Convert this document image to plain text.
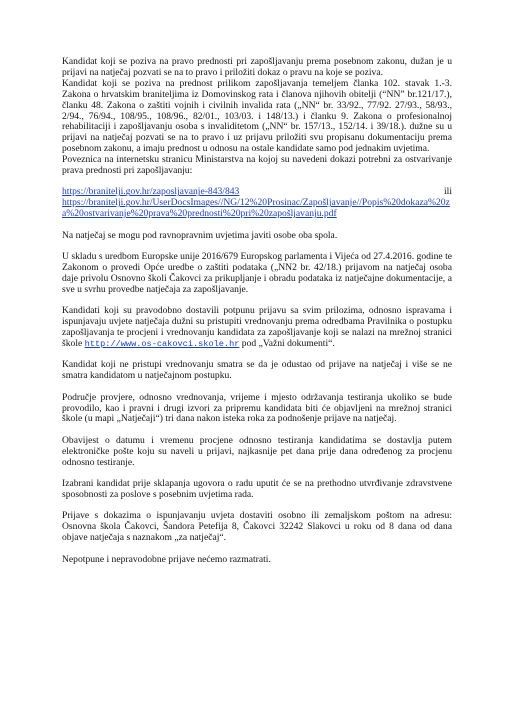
Kandidat koji se poziva na pravo prednosti pri zapošljavanju prema posebnom zakonu, dužan je u prijavi na natječaj pozvati se na to pravo i priložiti dokaz o pravu na koje se poziva.

Kandidat koji se poziva na prednost prilikom zapošljavanja temeljem članka 102. stavak 1.-3. Zakona o hrvatskim braniteljima iz Domovinskog rata i članova njihovih obitelji (“NN” br.121/17.), članku 48. Zakona o zaštiti vojnih i civilnih invalida rata („NN“ br. 33/92., 77/92. 27/93., 58/93., 2/94., 76/94., 108/95., 108/96., 82/01., 103/03. i 148/13.) i članku 9. Zakona o profesionalnoj rehabilitaciji i zapošljavanju osoba s invaliditetom („NN“ br. 157/13., 152/14. i 39/18.). dužne su u prijavi na natječaj pozvati se na to pravo i uz prijavu priložiti svu propisanu dokumentaciju prema posebnom zakonu, a imaju prednost u odnosu na ostale kandidate samo pod jednakim uvjetima.

Poveznica na internetsku stranicu Ministarstva na kojoj su navedeni dokazi potrebni za ostvarivanje prava prednosti pri zapošljavanju:

https://branitelji.gov.hr/zaposljavanje-843/843	ili
https://branitelji.gov.hr/UserDocsImages//NG/12%20Prosinac/Zapošljavanje//Popis%20dokaza%20za%20ostvarivanje%20prava%20prednosti%20pri%20zapošljavanju.pdf

Na natječaj se mogu pod ravnopravnim uvjetima javiti osobe oba spola.

U skladu s uredbom Europske unije 2016/679 Europskog parlamenta i Vijeća od 27.4.2016. godine te Zakonom o provedi Opće uredbe o zaštiti podataka („NN2 br. 42/18.) prijavom na natječaj osoba daje privolu Osnovno školi Čakovci za prikupljanje i obradu podataka iz natječajne dokumentacije, a sve u svrhu provedbe natječaja za zapošljavanje.

Kandidati koji su pravodobno dostavili potpunu prijavu sa svim prilozima, odnosno ispravama i ispunjavaju uvjete natječaja dužni su pristupiti vrednovanju prema odredbama Pravilnika o postupku zapošljavanja te procjeni i vrednovanju kandidata za zapošljavanje koji se nalazi na mrežnoj stranici škole http://www.os-cakovci.skole.hr pod „Važni dokumenti“.

Kandidat koji ne pristupi vrednovanju smatra se da je odustao od prijave na natječaj i više se ne smatra kandidatom u natječajnom postupku.

Područje provjere, odnosno vrednovanja, vrijeme i mjesto održavanja testiranja ukoliko se bude provodilo, kao i pravni i drugi izvori za pripremu kandidata biti će objavljeni na mrežnoj stranici škole (u mapi „Natječaji“) tri dana nakon isteka roka za podnošenje prijave na natječaj.

Obavijest o datumu i vremenu procjene odnosno testiranja kandidatima se dostavlja putem elektroničke pošte koju su naveli u prijavi, najkasnije pet dana prije dana određenog za procjenu odnosno testiranje.

Izabrani kandidat prije sklapanja ugovora o radu uputit će se na prethodno utvrđivanje zdravstvene sposobnosti za poslove s posebnim uvjetima rada.

Prijave s dokazima o ispunjavanju uvjeta dostaviti osobno ili zemaljskom poštom na adresu: Osnovna škola Čakovci, Šandora Petefija 8, Čakovci 32242 Slakovci u roku od 8 dana od dana objave natječaja s naznakom „za natječaj“.

Nepotpune i nepravodobne prijave nećemo razmatrati.
